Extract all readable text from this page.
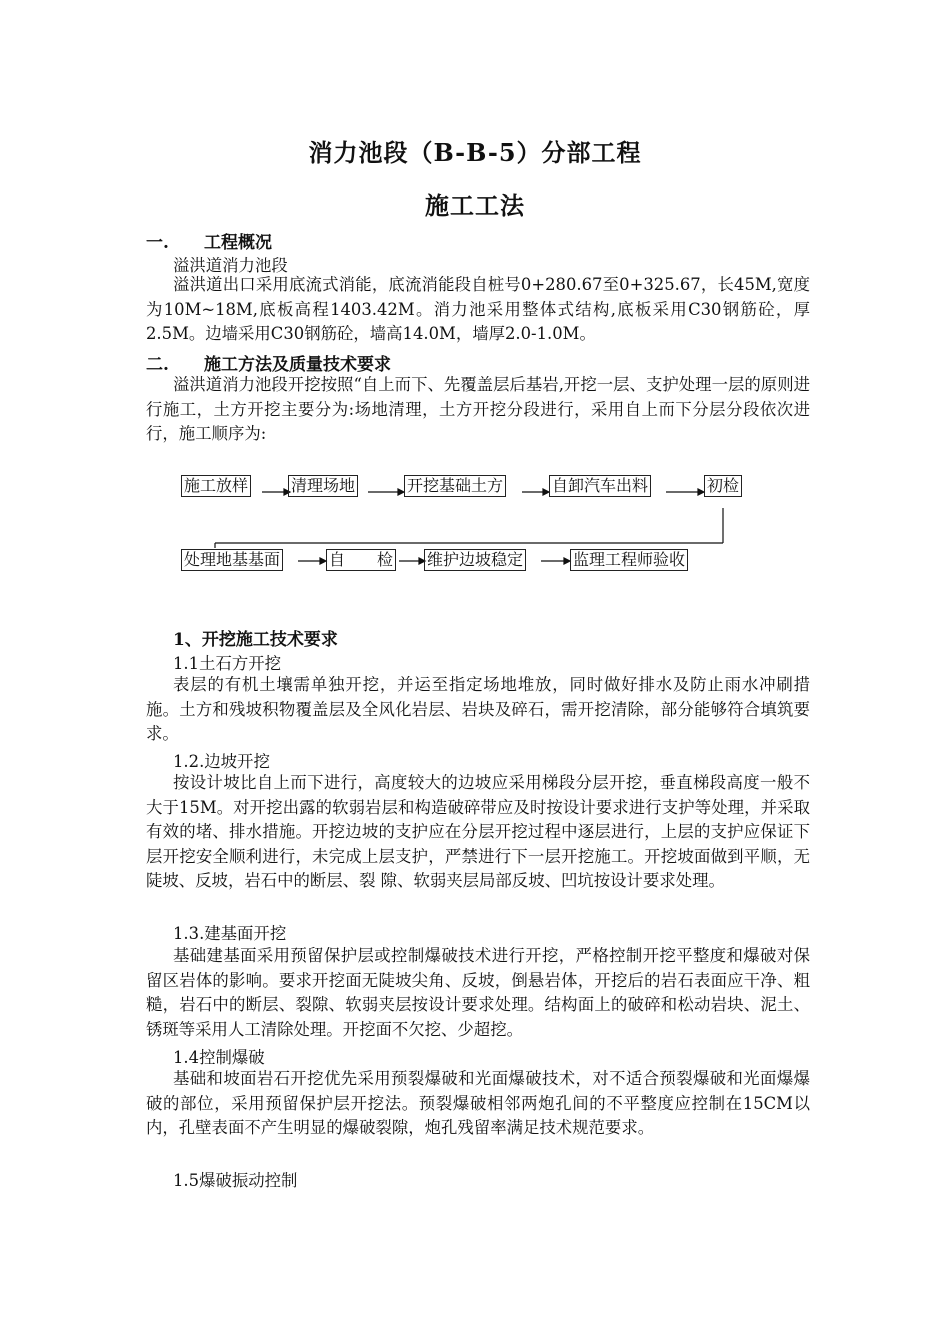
消力池段（B-B-5）分部工程
施工工法
一. 工程概况
溢洪道消力池段
溢洪道出口采用底流式消能，底流消能段自桩号0+280.67至0+325.67，长45M,宽度为10M~18M,底板高程1403.42M。消力池采用整体式结构,底板采用C30钢筋砼，厚2.5M。边墙采用C30钢筋砼，墙高14.0M，墙厚2.0-1.0M。
二. 施工方法及质量技术要求
溢洪道消力池段开挖按照“自上而下、先覆盖层后基岩,开挖一层、支护处理一层的原则进行施工，土方开挖主要分为:场地清理，土方开挖分段进行，采用自上而下分层分段依次进行，施工顺序为:
施工放样	清理场地	开挖基础土方	自卸汽车出料	初检
处理地基基面	自　　检 维护边坡稳定	监理工程师验收
1、开挖施工技术要求
1.1土石方开挖
表层的有机土壤需单独开挖，并运至指定场地堆放，同时做好排水及防止雨水冲刷措施。土方和残坡积物覆盖层及全风化岩层、岩块及碎石，需开挖清除，部分能够符合填筑要求。
1.2.边坡开挖
按设计坡比自上而下进行，高度较大的边坡应采用梯段分层开挖，垂直梯段高度一般不大于15M。对开挖出露的软弱岩层和构造破碎带应及时按设计要求进行支护等处理，并采取有效的堵、排水措施。开挖边坡的支护应在分层开挖过程中逐层进行，上层的支护应保证下层开挖安全顺利进行，未完成上层支护，严禁进行下一层开挖施工。开挖坡面做到平顺，无陡坡、反坡，岩石中的断层、裂 隙、软弱夹层局部反坡、凹坑按设计要求处理。
1.3.建基面开挖
基础建基面采用预留保护层或控制爆破技术进行开挖，严格控制开挖平整度和爆破对保留区岩体的影响。要求开挖面无陡坡尖角、反坡，倒悬岩体，开挖后的岩石表面应干净、粗糙，岩石中的断层、裂隙、软弱夹层按设计要求处理。结构面上的破碎和松动岩块、泥土、锈斑等采用人工清除处理。开挖面不欠挖、少超挖。
1.4控制爆破
基础和坡面岩石开挖优先采用预裂爆破和光面爆破技术，对不适合预裂爆破和光面爆爆破的部位，采用预留保护层开挖法。预裂爆破相邻两炮孔间的不平整度应控制在15CM以内，孔壁表面不产生明显的爆破裂隙，炮孔残留率满足技术规范要求。
1.5爆破振动控制
